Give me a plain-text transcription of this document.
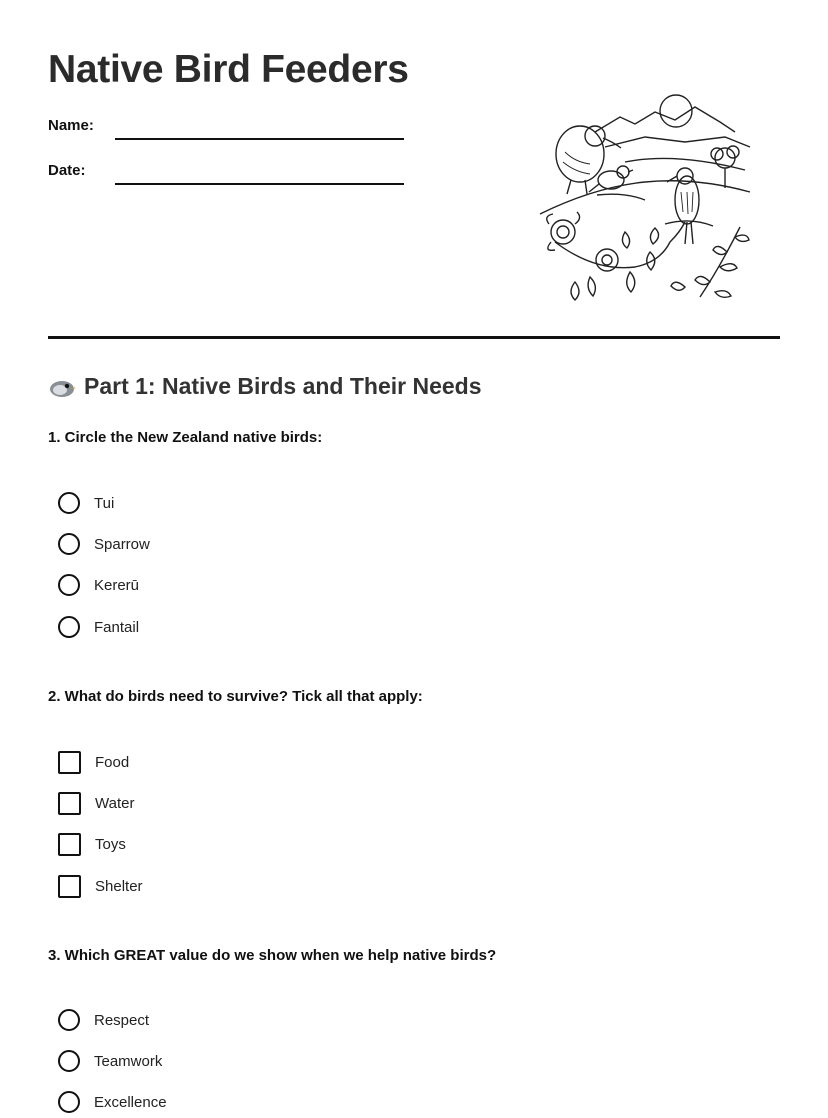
Native Bird Feeders
Name:
Date:
Part 1: Native Birds and Their Needs
1. Circle the New Zealand native birds:
Tui
Sparrow
Kererū
Fantail
2. What do birds need to survive? Tick all that apply:
Food
Water
Toys
Shelter
3. Which GREAT value do we show when we help native birds?
Respect
Teamwork
Excellence
